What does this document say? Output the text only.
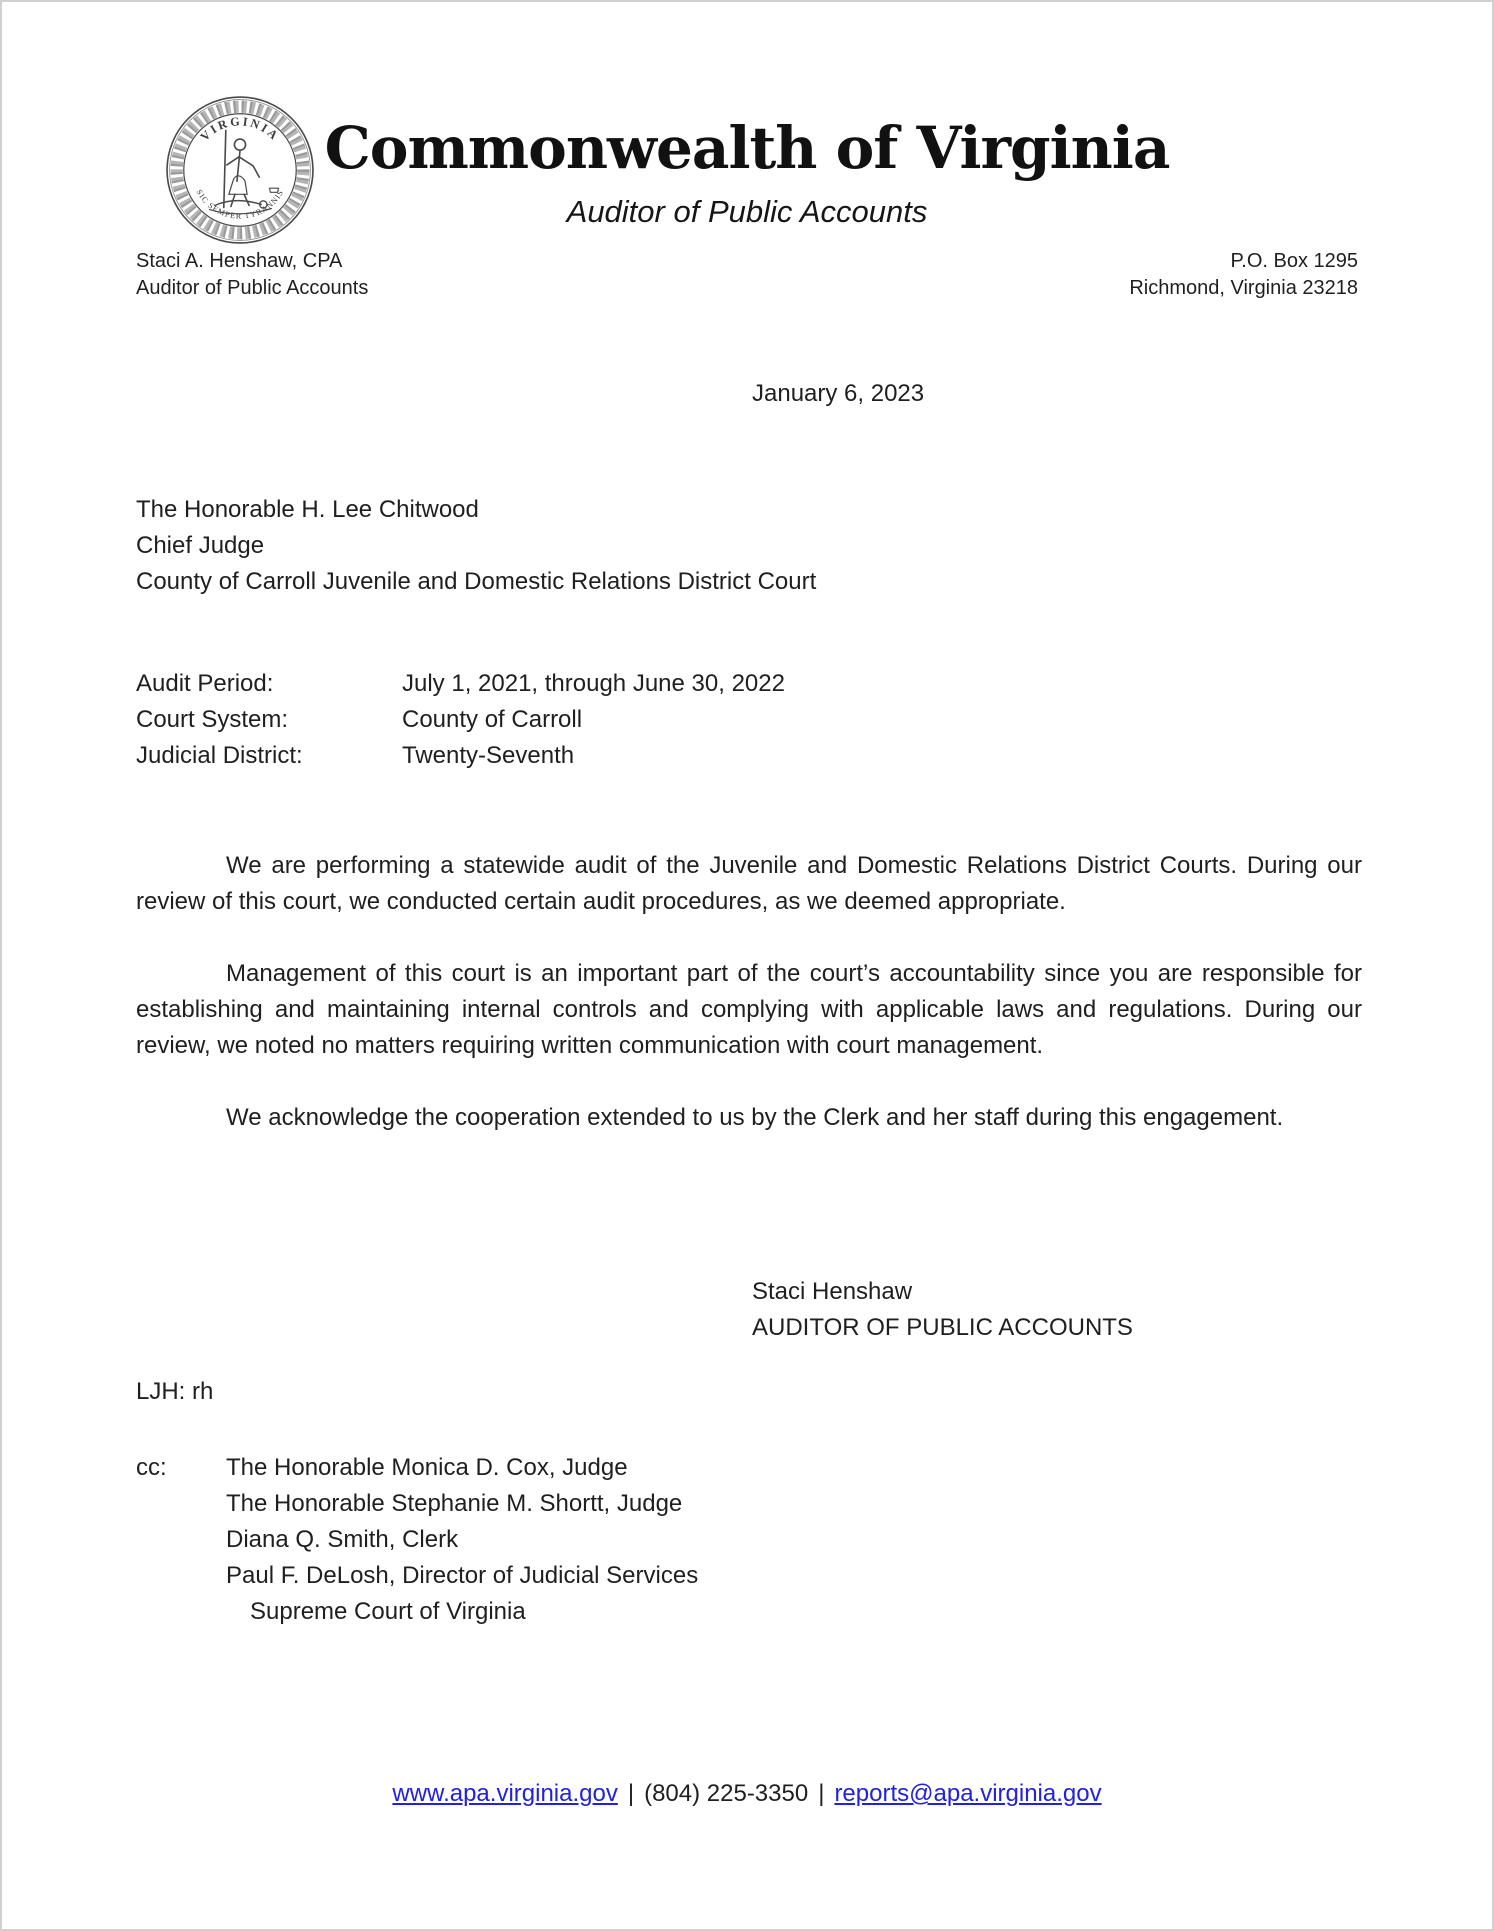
VIRGINIA
SIC SEMPER TYRANNIS
Commonwealth of Virginia
Auditor of Public Accounts
Staci A. Henshaw, CPA
Auditor of Public Accounts
P.O. Box 1295
Richmond, Virginia 23218
January 6, 2023
The Honorable H. Lee Chitwood
Chief Judge
County of Carroll Juvenile and Domestic Relations District Court
Audit Period:	July 1, 2021, through June 30, 2022
Court System:	County of Carroll
Judicial District:	Twenty-Seventh

We are performing a statewide audit of the Juvenile and Domestic Relations District Courts. During our review of this court, we conducted certain audit procedures, as we deemed appropriate.

Management of this court is an important part of the court’s accountability since you are responsible for establishing and maintaining internal controls and complying with applicable laws and regulations. During our review, we noted no matters requiring written communication with court management.

We acknowledge the cooperation extended to us by the Clerk and her staff during this engagement.

Staci Henshaw
AUDITOR OF PUBLIC ACCOUNTS
LJH: rh
cc:	The Honorable Monica D. Cox, Judge
The Honorable Stephanie M. Shortt, Judge
Diana Q. Smith, Clerk
Paul F. DeLosh, Director of Judicial Services
Supreme Court of Virginia
www.apa.virginia.gov | (804) 225-3350 | reports@apa.virginia.gov
